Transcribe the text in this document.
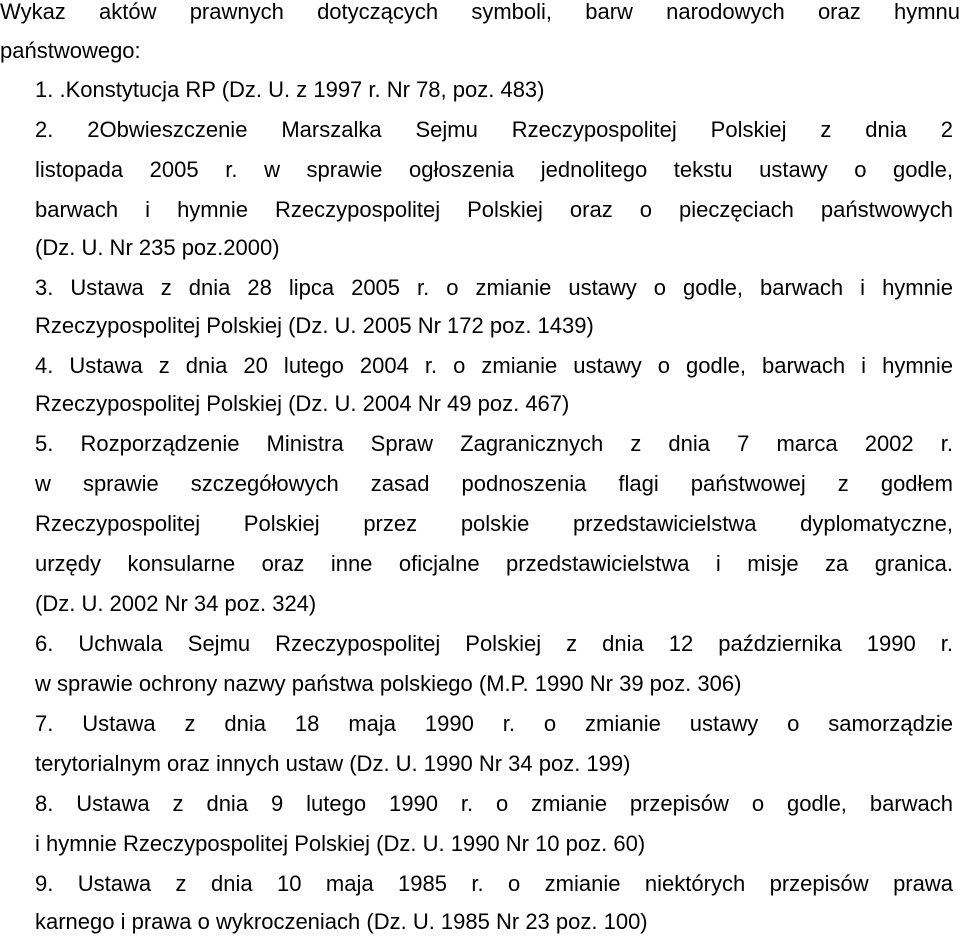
Wykaz aktów prawnych dotyczących symboli, barw narodowych oraz hymnu
państwowego:
1. .Konstytucja RP (Dz. U. z 1997 r. Nr 78, poz. 483)
2. 2Obwieszczenie Marszalka Sejmu Rzeczypospolitej Polskiej z dnia 2
listopada 2005 r. w sprawie ogłoszenia jednolitego tekstu ustawy o godle,
barwach i hymnie Rzeczypospolitej Polskiej oraz o pieczęciach państwowych
(Dz. U. Nr 235 poz.2000)
3. Ustawa z dnia 28 lipca 2005 r. o zmianie ustawy o godle, barwach i hymnie
Rzeczypospolitej Polskiej (Dz. U. 2005 Nr 172 poz. 1439)
4. Ustawa z dnia 20 lutego 2004 r. o zmianie ustawy o godle, barwach i hymnie
Rzeczypospolitej Polskiej (Dz. U. 2004 Nr 49 poz. 467)
5. Rozporządzenie Ministra Spraw Zagranicznych z dnia 7 marca 2002 r.
w sprawie szczegółowych zasad podnoszenia flagi państwowej z godłem
Rzeczypospolitej Polskiej przez polskie przedstawicielstwa dyplomatyczne,
urzędy konsularne oraz inne oficjalne przedstawicielstwa i misje za granica.
(Dz. U. 2002 Nr 34 poz. 324)
6. Uchwala Sejmu Rzeczypospolitej Polskiej z dnia 12 października 1990 r.
w sprawie ochrony nazwy państwa polskiego (M.P. 1990 Nr 39 poz. 306)
7. Ustawa z dnia 18 maja 1990 r. o zmianie ustawy o samorządzie
terytorialnym oraz innych ustaw (Dz. U. 1990 Nr 34 poz. 199)
8. Ustawa z dnia 9 lutego 1990 r. o zmianie przepisów o godle, barwach
i hymnie Rzeczypospolitej Polskiej (Dz. U. 1990 Nr 10 poz. 60)
9. Ustawa z dnia 10 maja 1985 r. o zmianie niektórych przepisów prawa
karnego i prawa o wykroczeniach (Dz. U. 1985 Nr 23 poz. 100)
